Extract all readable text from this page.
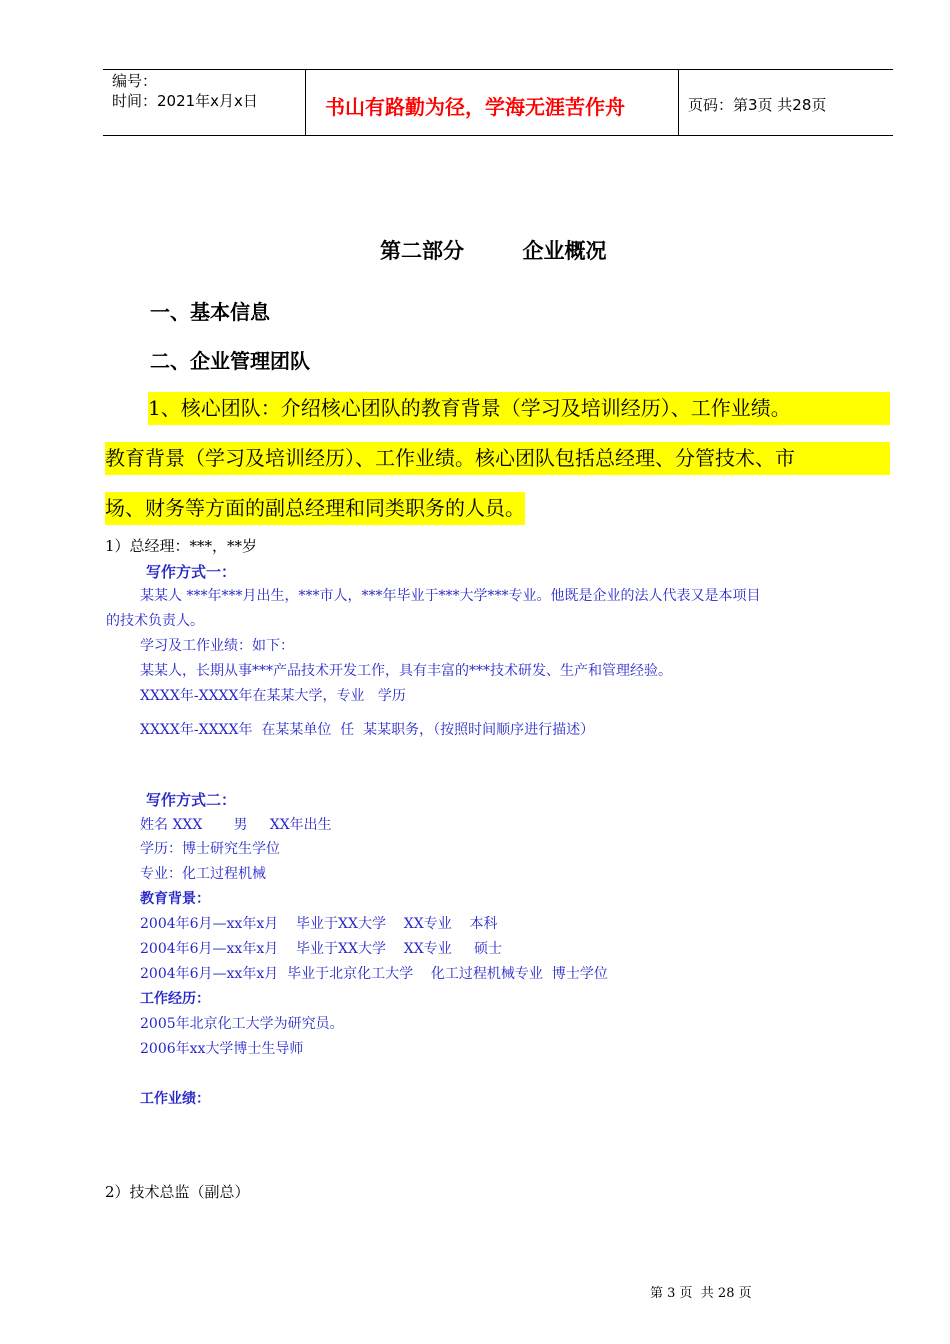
编号：
时间：2021年x月x日	书山有路勤为径，学海无涯苦作舟	页码：第3页 共28页
第二部分        企业概况
一、基本信息
二、企业管理团队
1、核心团队：介绍核心团队的教育背景（学习及培训经历）、工作业绩。
教育背景（学习及培训经历）、工作业绩。核心团队包括总经理、分管技术、市
场、财务等方面的副总经理和同类职务的人员。
1）总经理：***，**岁
写作方式一：
某某人 ***年***月出生，***市人，***年毕业于***大学***专业。他既是企业的法人代表又是本项目
的技术负责人。
学习及工作业绩：如下：
某某人，长期从事***产品技术开发工作，具有丰富的***技术研发、生产和管理经验。
XXXX年-XXXX年在某某大学，专业   学历
XXXX年-XXXX年  在某某单位  任  某某职务，（按照时间顺序进行描述）
写作方式二：
姓名 XXX       男     XX年出生
学历：博士研究生学位
专业：化工过程机械
教育背景：
2004年6月—xx年x月    毕业于XX大学    XX专业    本科
2004年6月—xx年x月    毕业于XX大学    XX专业     硕士
2004年6月—xx年x月  毕业于北京化工大学    化工过程机械专业  博士学位
工作经历：
2005年北京化工大学为研究员。
2006年xx大学博士生导师
工作业绩：
2）技术总监（副总）
第 3 页  共 28 页
